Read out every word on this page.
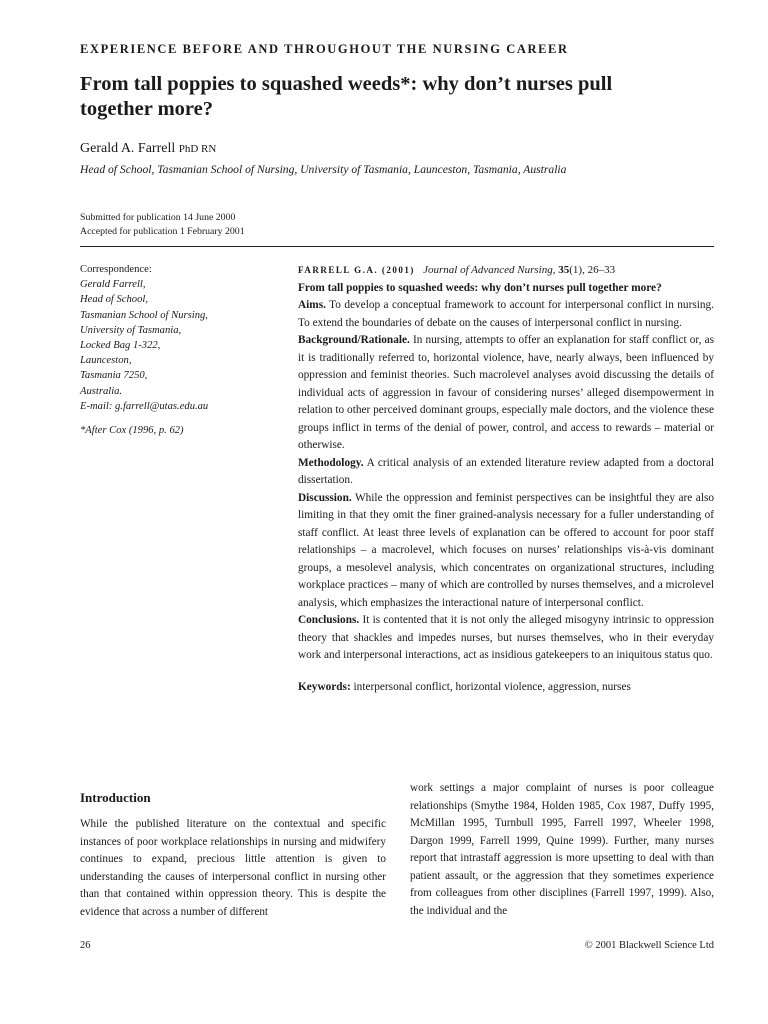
EXPERIENCE BEFORE AND THROUGHOUT THE NURSING CAREER
From tall poppies to squashed weeds*: why don’t nurses pull together more?
Gerald A. Farrell PhD RN
Head of School, Tasmanian School of Nursing, University of Tasmania, Launceston, Tasmania, Australia
Submitted for publication 14 June 2000
Accepted for publication 1 February 2001
Correspondence:
Gerald Farrell,
Head of School,
Tasmanian School of Nursing,
University of Tasmania,
Locked Bag 1-322,
Launceston,
Tasmania 7250,
Australia.
E-mail: g.farrell@utas.edu.au
*After Cox (1996, p. 62)

FARRELL G.A. (2001) Journal of Advanced Nursing, 35(1), 26–33

From tall poppies to squashed weeds: why don’t nurses pull together more?

Aims. To develop a conceptual framework to account for interpersonal conflict in nursing. To extend the boundaries of debate on the causes of interpersonal conflict in nursing.

Background/Rationale. In nursing, attempts to offer an explanation for staff conflict or, as it is traditionally referred to, horizontal violence, have, nearly always, been influenced by oppression and feminist theories. Such macrolevel analyses avoid discussing the details of individual acts of aggression in favour of considering nurses’ alleged disempowerment in relation to other perceived dominant groups, especially male doctors, and the violence these groups inflict in terms of the denial of power, control, and access to rewards – material or otherwise.

Methodology. A critical analysis of an extended literature review adapted from a doctoral dissertation.

Discussion. While the oppression and feminist perspectives can be insightful they are also limiting in that they omit the finer grained-analysis necessary for a fuller understanding of staff conflict. At least three levels of explanation can be offered to account for poor staff relationships – a macrolevel, which focuses on nurses’ relationships vis-à-vis dominant groups, a mesolevel analysis, which concentrates on organizational structures, including workplace practices – many of which are controlled by nurses themselves, and a microlevel analysis, which emphasizes the interactional nature of interpersonal conflict.

Conclusions. It is contented that it is not only the alleged misogyny intrinsic to oppression theory that shackles and impedes nurses, but nurses themselves, who in their everyday work and interpersonal interactions, act as insidious gatekeepers to an iniquitous status quo.

Keywords: interpersonal conflict, horizontal violence, aggression, nurses

Introduction

While the published literature on the contextual and specific instances of poor workplace relationships in nursing and midwifery continues to expand, precious little attention is given to understanding the causes of interpersonal conflict in nursing other than that contained within oppression theory. This is despite the evidence that across a number of different

work settings a major complaint of nurses is poor colleague relationships (Smythe 1984, Holden 1985, Cox 1987, Duffy 1995, McMillan 1995, Turnbull 1995, Farrell 1997, Wheeler 1998, Dargon 1999, Farrell 1999, Quine 1999). Further, many nurses report that intrastaff aggression is more upsetting to deal with than patient assault, or the aggression that they sometimes experience from colleagues from other disciplines (Farrell 1997, 1999). Also, the individual and the

26	© 2001 Blackwell Science Ltd
